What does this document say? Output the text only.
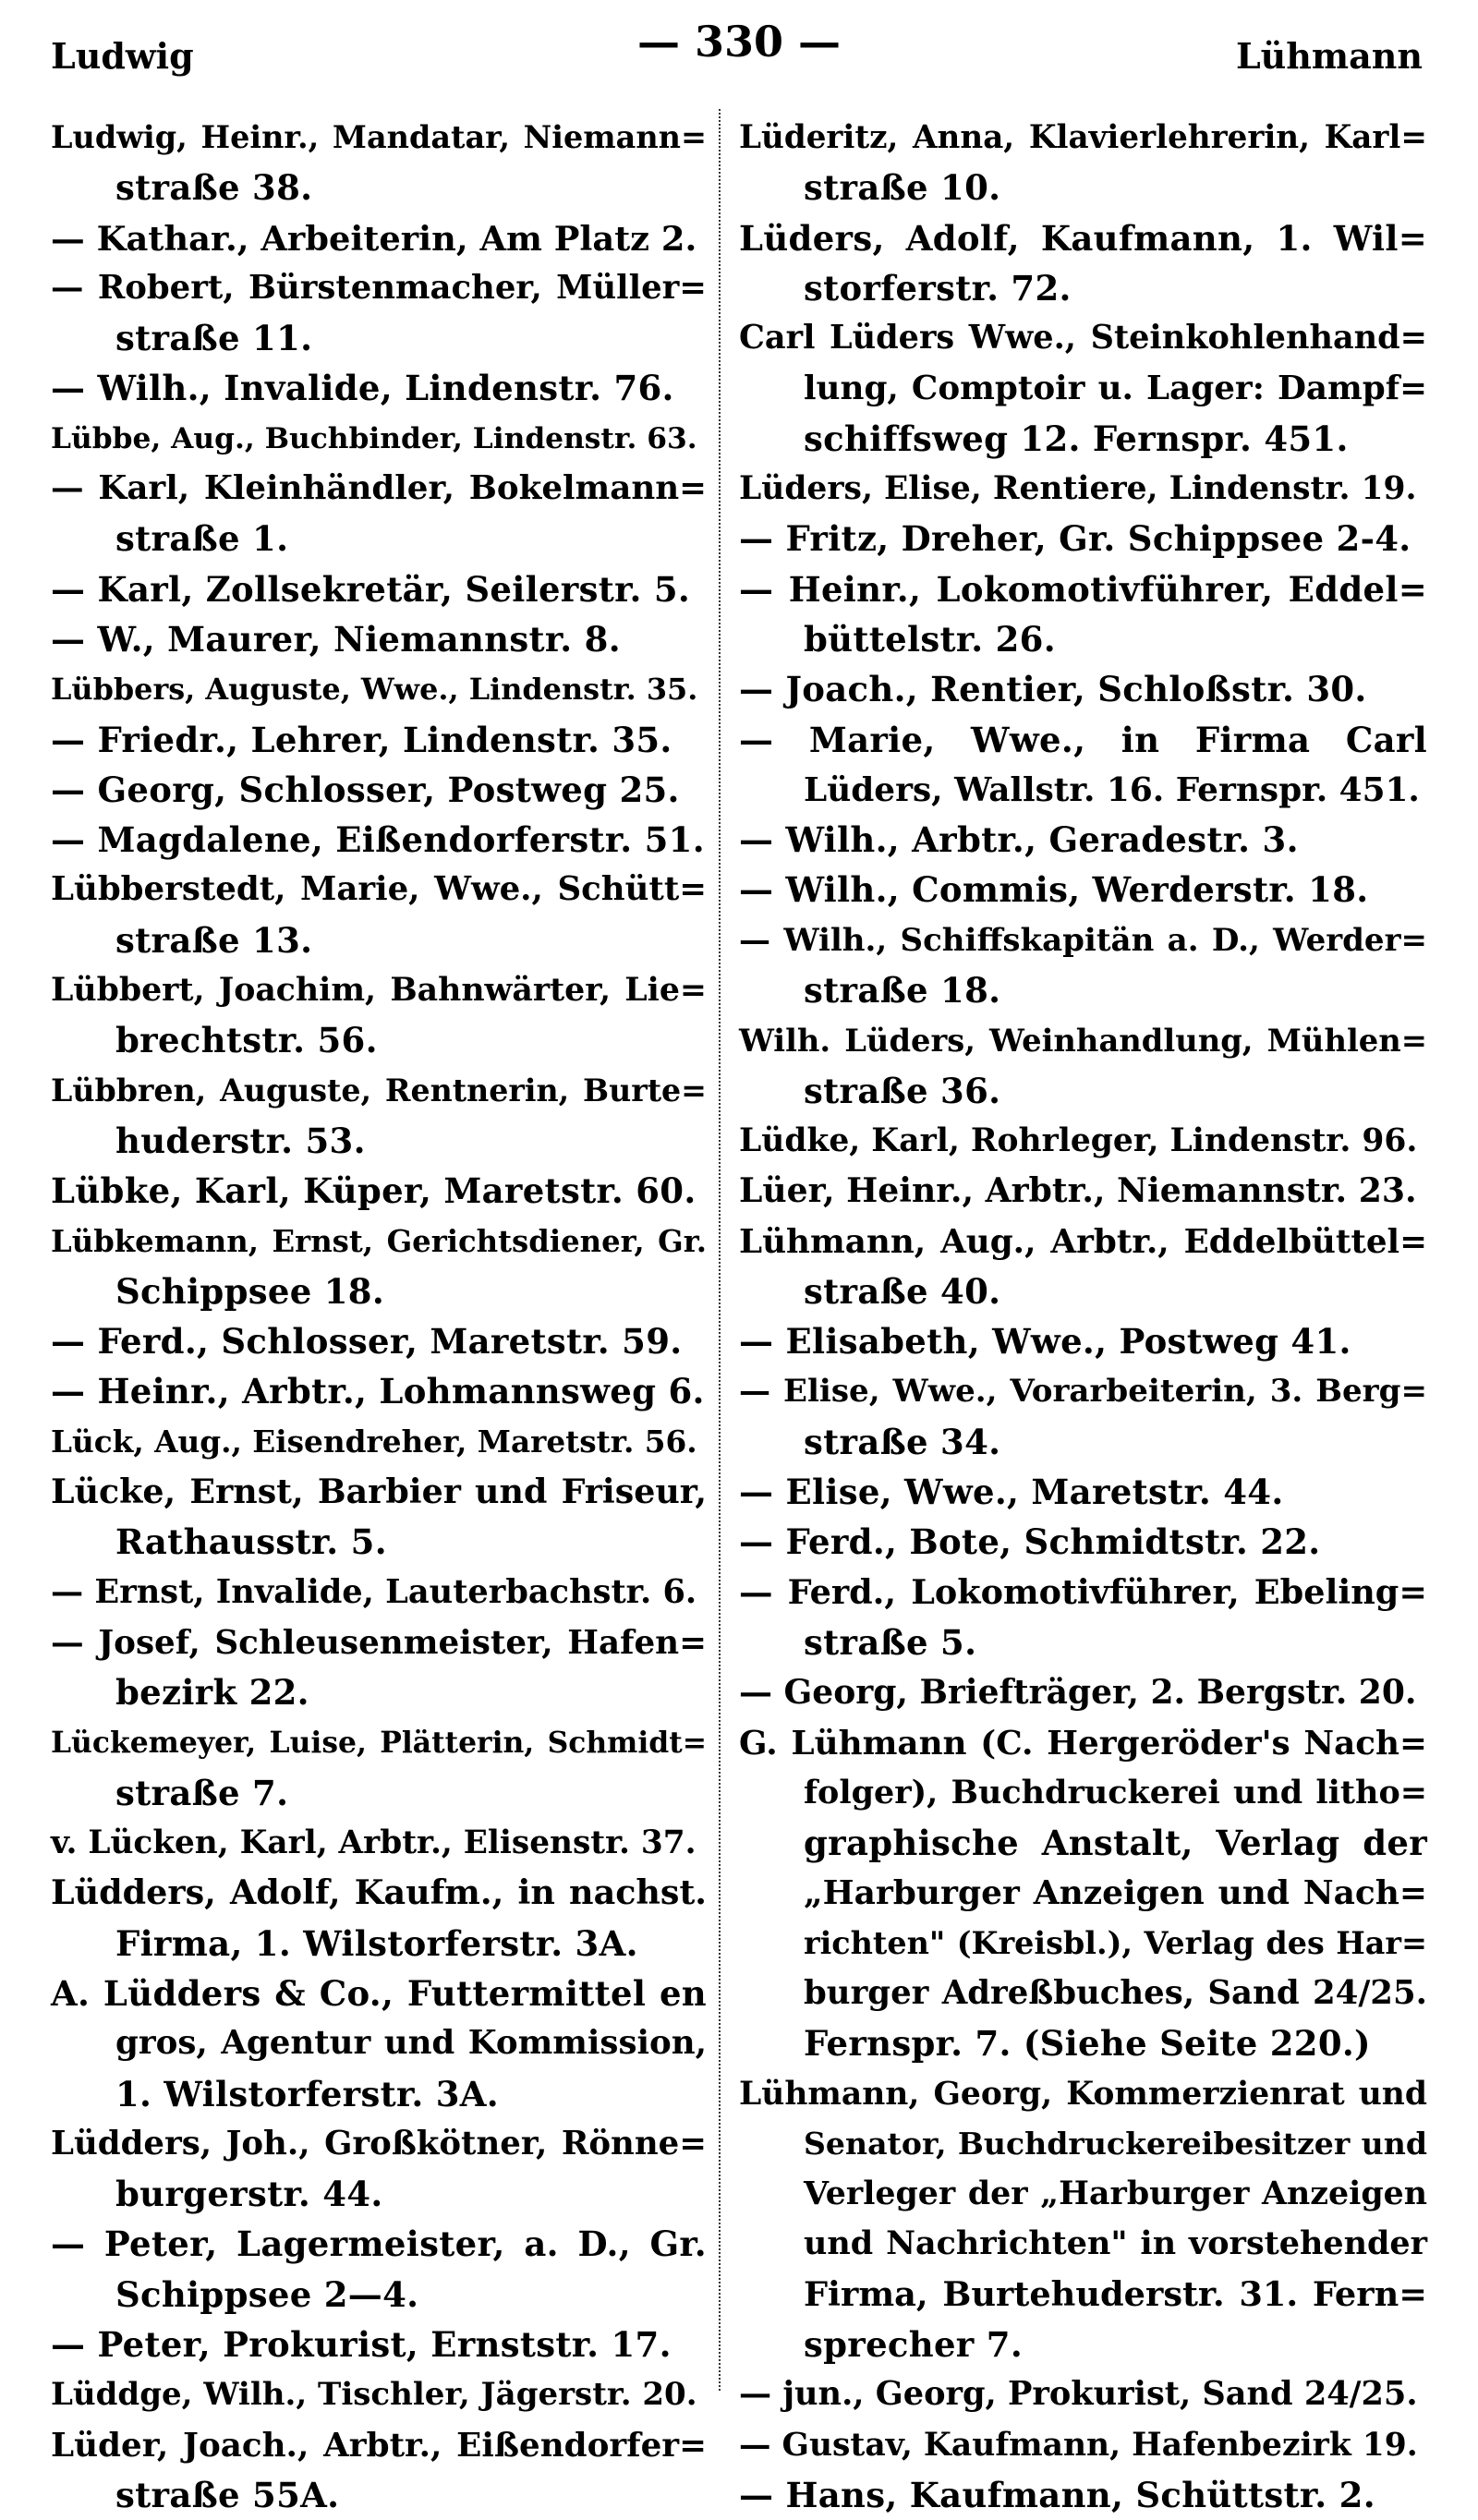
Ludwig	— 330 —	Lühmann
Ludwig, Heinr., Mandatar, Niemann=
straße 38.
— Kathar., Arbeiterin, Am Platz 2.
— Robert, Bürstenmacher, Müller=
straße 11.
— Wilh., Invalide, Lindenstr. 76.
Lübbe, Aug., Buchbinder, Lindenstr. 63.
— Karl, Kleinhändler, Bokelmann=
straße 1.
— Karl, Zollsekretär, Seilerstr. 5.
— W., Maurer, Niemannstr. 8.
Lübbers, Auguste, Wwe., Lindenstr. 35.
— Friedr., Lehrer, Lindenstr. 35.
— Georg, Schlosser, Postweg 25.
— Magdalene, Eißendorferstr. 51.
Lübberstedt, Marie, Wwe., Schütt=
straße 13.
Lübbert, Joachim, Bahnwärter, Lie=
brechtstr. 56.
Lübbren, Auguste, Rentnerin, Burte=
huderstr. 53.
Lübke, Karl, Küper, Maretstr. 60.
Lübkemann, Ernst, Gerichtsdiener, Gr.
Schippsee 18.
— Ferd., Schlosser, Maretstr. 59.
— Heinr., Arbtr., Lohmannsweg 6.
Lück, Aug., Eisendreher, Maretstr. 56.
Lücke, Ernst, Barbier und Friseur,
Rathausstr. 5.
— Ernst, Invalide, Lauterbachstr. 6.
— Josef, Schleusenmeister, Hafen=
bezirk 22.
Lückemeyer, Luise, Plätterin, Schmidt=
straße 7.
v. Lücken, Karl, Arbtr., Elisenstr. 37.
Lüdders, Adolf, Kaufm., in nachst.
Firma, 1. Wilstorferstr. 3A.
A. Lüdders & Co., Futtermittel en
gros, Agentur und Kommission,
1. Wilstorferstr. 3A.
Lüdders, Joh., Großkötner, Rönne=
burgerstr. 44.
— Peter, Lagermeister, a. D., Gr.
Schippsee 2—4.
— Peter, Prokurist, Ernststr. 17.
Lüddge, Wilh., Tischler, Jägerstr. 20.
Lüder, Joach., Arbtr., Eißendorfer=
straße 55A.
Lüderitz, Anna, Klavierlehrerin, Karl=
straße 10.
Lüders, Adolf, Kaufmann, 1. Wil=
storferstr. 72.
Carl Lüders Wwe., Steinkohlenhand=
lung, Comptoir u. Lager: Dampf=
schiffsweg 12. Fernspr. 451.
Lüders, Elise, Rentiere, Lindenstr. 19.
— Fritz, Dreher, Gr. Schippsee 2-4.
— Heinr., Lokomotivführer, Eddel=
büttelstr. 26.
— Joach., Rentier, Schloßstr. 30.
— Marie, Wwe., in Firma Carl
Lüders, Wallstr. 16. Fernspr. 451.
— Wilh., Arbtr., Geradestr. 3.
— Wilh., Commis, Werderstr. 18.
— Wilh., Schiffskapitän a. D., Werder=
straße 18.
Wilh. Lüders, Weinhandlung, Mühlen=
straße 36.
Lüdke, Karl, Rohrleger, Lindenstr. 96.
Lüer, Heinr., Arbtr., Niemannstr. 23.
Lühmann, Aug., Arbtr., Eddelbüttel=
straße 40.
— Elisabeth, Wwe., Postweg 41.
— Elise, Wwe., Vorarbeiterin, 3. Berg=
straße 34.
— Elise, Wwe., Maretstr. 44.
— Ferd., Bote, Schmidtstr. 22.
— Ferd., Lokomotivführer, Ebeling=
straße 5.
— Georg, Briefträger, 2. Bergstr. 20.
G. Lühmann (C. Hergeröder's Nach=
folger), Buchdruckerei und litho=
graphische Anstalt, Verlag der
„Harburger Anzeigen und Nach=
richten" (Kreisbl.), Verlag des Har=
burger Adreßbuches, Sand 24/25.
Fernspr. 7. (Siehe Seite 220.)
Lühmann, Georg, Kommerzienrat und
Senator, Buchdruckereibesitzer und
Verleger der „Harburger Anzeigen
und Nachrichten" in vorstehender
Firma, Burtehuderstr. 31. Fern=
sprecher 7.
— jun., Georg, Prokurist, Sand 24/25.
— Gustav, Kaufmann, Hafenbezirk 19.
— Hans, Kaufmann, Schüttstr. 2.
